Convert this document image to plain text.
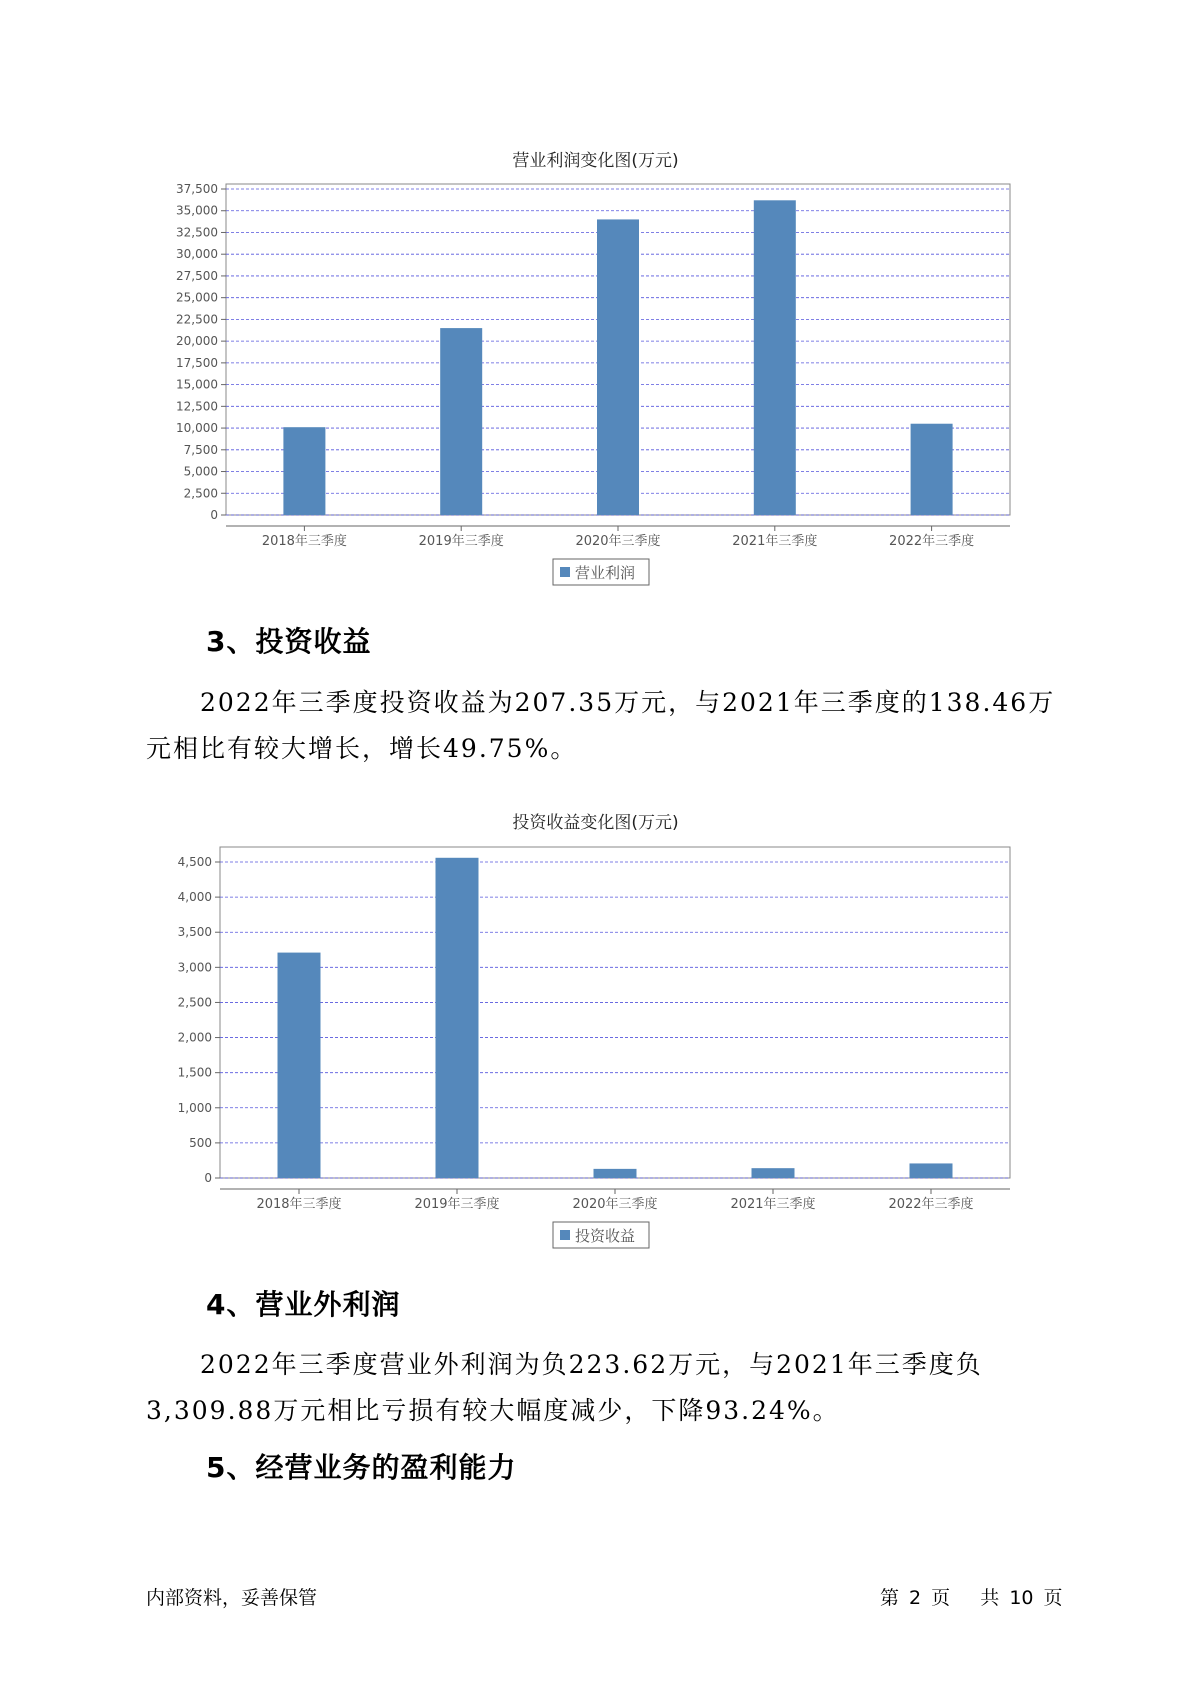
营业利润变化图(万元)
0
2,500
5,000
7,500
10,000
12,500
15,000
17,500
20,000
22,500
25,000
27,500
30,000
32,500
35,000
37,500
2018年三季度	2019年三季度	2020年三季度	2021年三季度	2022年三季度
营业利润
3、投资收益
2022年三季度投资收益为207.35万元，与2021年三季度的138.46万元相比有较大增长，增长49.75%。
投资收益变化图(万元)
0
500
1,000
1,500
2,000
2,500
3,000
3,500
4,000
4,500
2018年三季度	2019年三季度	2020年三季度	2021年三季度	2022年三季度
投资收益
4、营业外利润
2022年三季度营业外利润为负223.62万元，与2021年三季度负3,309.88万元相比亏损有较大幅度减少，下降93.24%。
5、经营业务的盈利能力
内部资料，妥善保管	第 2 页   共 10 页
